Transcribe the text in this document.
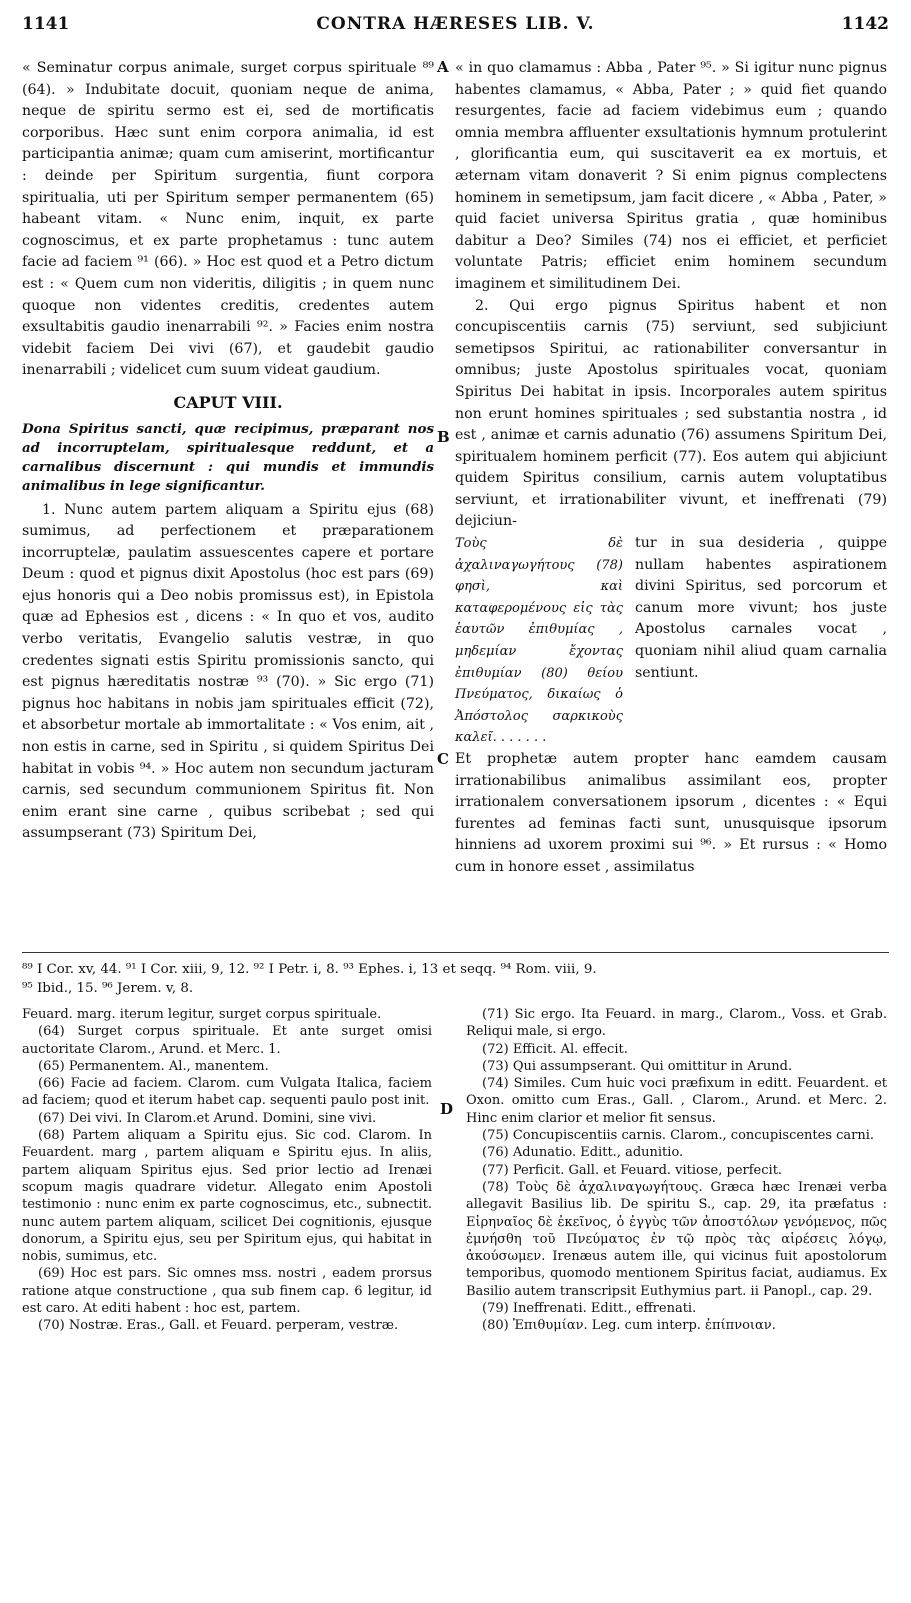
1141	CONTRA HÆRESES LIB. V.	1142
A
B
C
D

« Seminatur corpus animale, surget corpus spirituale ⁸⁹ (64). » Indubitate docuit, quoniam neque de anima, neque de spiritu sermo est ei, sed de mortificatis corporibus. Hæc sunt enim corpora animalia, id est participantia animæ; quam cum amiserint, mortificantur : deinde per Spiritum surgentia, fiunt corpora spiritualia, uti per Spiritum semper permanentem (65) habeant vitam. « Nunc enim, inquit, ex parte cognoscimus, et ex parte prophetamus : tunc autem facie ad faciem ⁹¹ (66). » Hoc est quod et a Petro dictum est : « Quem cum non videritis, diligitis ; in quem nunc quoque non videntes creditis, credentes autem exsultabitis gaudio inenarrabili ⁹². » Facies enim nostra videbit faciem Dei vivi (67), et gaudebit gaudio inenarrabili ; videlicet cum suum videat gaudium.

CAPUT VIII.
Dona Spiritus sancti, quæ recipimus, præparant nos ad incorruptelam, spiritualesque reddunt, et a carnalibus discernunt : qui mundis et immundis animalibus in lege significantur.

1. Nunc autem partem aliquam a Spiritu ejus (68) sumimus, ad perfectionem et præparationem incorruptelæ, paulatim assuescentes capere et portare Deum : quod et pignus dixit Apostolus (hoc est pars (69) ejus honoris qui a Deo nobis promissus est), in Epistola quæ ad Ephesios est , dicens : « In quo et vos, audito verbo veritatis, Evangelio salutis vestræ, in quo credentes signati estis Spiritu promissionis sancto, qui est pignus hæreditatis nostræ ⁹³ (70). » Sic ergo (71) pignus hoc habitans in nobis jam spirituales efficit (72), et absorbetur mortale ab immortalitate : « Vos enim, ait , non estis in carne, sed in Spiritu , si quidem Spiritus Dei habitat in vobis ⁹⁴. » Hoc autem non secundum jacturam carnis, sed secundum communionem Spiritus fit. Non enim erant sine carne , quibus scribebat ; sed qui assumpserant (73) Spiritum Dei,

« in quo clamamus : Abba , Pater ⁹⁵. » Si igitur nunc pignus habentes clamamus, « Abba, Pater ; » quid fiet quando resurgentes, facie ad faciem videbimus eum ; quando omnia membra affluenter exsultationis hymnum protulerint , glorificantia eum, qui suscitaverit ea ex mortuis, et æternam vitam donaverit ? Si enim pignus complectens hominem in semetipsum, jam facit dicere , « Abba , Pater, » quid faciet universa Spiritus gratia , quæ hominibus dabitur a Deo? Similes (74) nos ei efficiet, et perficiet voluntate Patris; efficiet enim hominem secundum imaginem et similitudinem Dei.

2. Qui ergo pignus Spiritus habent et non concupiscentiis carnis (75) serviunt, sed subjiciunt semetipsos Spiritui, ac rationabiliter conversantur in omnibus; juste Apostolus spirituales vocat, quoniam Spiritus Dei habitat in ipsis. Incorporales autem spiritus non erunt homines spirituales ; sed substantia nostra , id est , animæ et carnis adunatio (76) assumens Spiritum Dei, spiritualem hominem perficit (77). Eos autem qui abjiciunt quidem Spiritus consilium, carnis autem voluptatibus serviunt, et irrationabiliter vivunt, et ineffrenati (79) dejiciun-

Τοὺς δὲ ἀχαλιναγωγήτους (78) φησὶ, καὶ καταφερομένους εἰς τὰς ἑαυτῶν ἐπιθυμίας , μηδεμίαν ἔχοντας ἐπιθυμίαν (80) θείου Πνεύματος, δικαίως ὁ Ἀπόστολος σαρκικοὺς καλεῖ. . . . . . .
tur in sua desideria , quippe nullam habentes aspirationem divini Spiritus, sed porcorum et canum more vivunt; hos juste Apostolus carnales vocat , quoniam nihil aliud quam carnalia sentiunt.

Et prophetæ autem propter hanc eamdem causam irrationabilibus animalibus assimilant eos, propter irrationalem conversationem ipsorum , dicentes : « Equi furentes ad feminas facti sunt, unusquisque ipsorum hinniens ad uxorem proximi sui ⁹⁶. » Et rursus : « Homo cum in honore esset , assimilatus

⁸⁹ I Cor. xv, 44. ⁹¹ I Cor. xiii, 9, 12. ⁹² I Petr. i, 8. ⁹³ Ephes. i, 13 et seqq. ⁹⁴ Rom. viii, 9.

⁹⁵ Ibid., 15. ⁹⁶ Jerem. v, 8.

Feuard. marg. iterum legitur, surget corpus spirituale.

(64) Surget corpus spirituale. Et ante surget omisi auctoritate Clarom., Arund. et Merc. 1.

(65) Permanentem. Al., manentem.

(66) Facie ad faciem. Clarom. cum Vulgata Italica, faciem ad faciem; quod et iterum habet cap. sequenti paulo post init.

(67) Dei vivi. In Clarom.et Arund. Domini, sine vivi.

(68) Partem aliquam a Spiritu ejus. Sic cod. Clarom. In Feuardent. marg , partem aliquam e Spiritu ejus. In aliis, partem aliquam Spiritus ejus. Sed prior lectio ad Irenæi scopum magis quadrare videtur. Allegato enim Apostoli testimonio : nunc enim ex parte cognoscimus, etc., subnectit. nunc autem partem aliquam, scilicet Dei cognitionis, ejusque donorum, a Spiritu ejus, seu per Spiritum ejus, qui habitat in nobis, sumimus, etc.

(69) Hoc est pars. Sic omnes mss. nostri , eadem prorsus ratione atque constructione , qua sub finem cap. 6 legitur, id est caro. At editi habent : hoc est, partem.

(70) Nostræ. Eras., Gall. et Feuard. perperam, vestræ.

(71) Sic ergo. Ita Feuard. in marg., Clarom., Voss. et Grab. Reliqui male, si ergo.

(72) Efficit. Al. effecit.

(73) Qui assumpserant. Qui omittitur in Arund.

(74) Similes. Cum huic voci præfixum in editt. Feuardent. et Oxon. omitto cum Eras., Gall. , Clarom., Arund. et Merc. 2. Hinc enim clarior et melior fit sensus.

(75) Concupiscentiis carnis. Clarom., concupiscentes carni.

(76) Adunatio. Editt., adunitio.

(77) Perficit. Gall. et Feuard. vitiose, perfecit.

(78) Τοὺς δὲ ἀχαλιναγωγήτους. Græca hæc Irenæi verba allegavit Basilius lib. De spiritu S., cap. 29, ita præfatus : Εἰρηναῖος δὲ ἐκεῖνος, ὁ ἐγγὺς τῶν ἀποστόλων γενόμενος, πῶς ἐμνήσθη τοῦ Πνεύματος ἐν τῷ πρὸς τὰς αἱρέσεις λόγῳ, ἀκούσωμεν. Irenæus autem ille, qui vicinus fuit apostolorum temporibus, quomodo mentionem Spiritus faciat, audiamus. Ex Basilio autem transcripsit Euthymius part. ii Panopl., cap. 29.

(79) Ineffrenati. Editt., effrenati.

(80) Ἐπιθυμίαν. Leg. cum interp. ἐπίπνοιαν.
